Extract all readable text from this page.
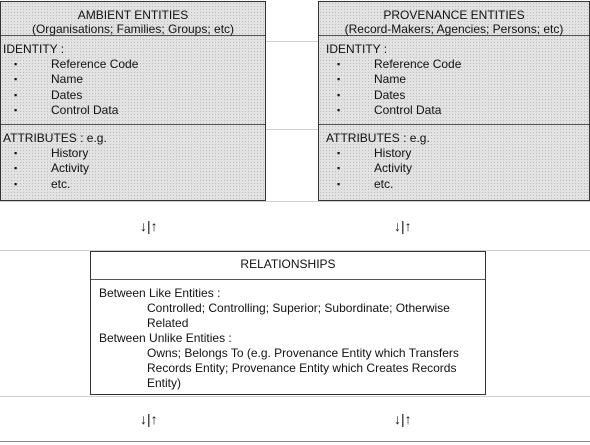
AMBIENT ENTITIES
(Organisations; Families; Groups; etc)
IDENTITY :
▪ Reference Code
▪ Name
▪ Dates
▪ Control Data
ATTRIBUTES : e.g.
▪ History
▪ Activity
▪ etc.
PROVENANCE ENTITIES
(Record-Makers; Agencies; Persons; etc)
IDENTITY :
▪ Reference Code
▪ Name
▪ Dates
▪ Control Data
ATTRIBUTES : e.g.
▪ History
▪ Activity
▪ etc.
↓|↑	↓|↑
RELATIONSHIPS
Between Like Entities :
Controlled; Controlling; Superior; Subordinate; Otherwise Related
Between Unlike Entities :
Owns; Belongs To (e.g. Provenance Entity which Transfers Records Entity; Provenance Entity which Creates Records Entity)
↓|↑	↓|↑
